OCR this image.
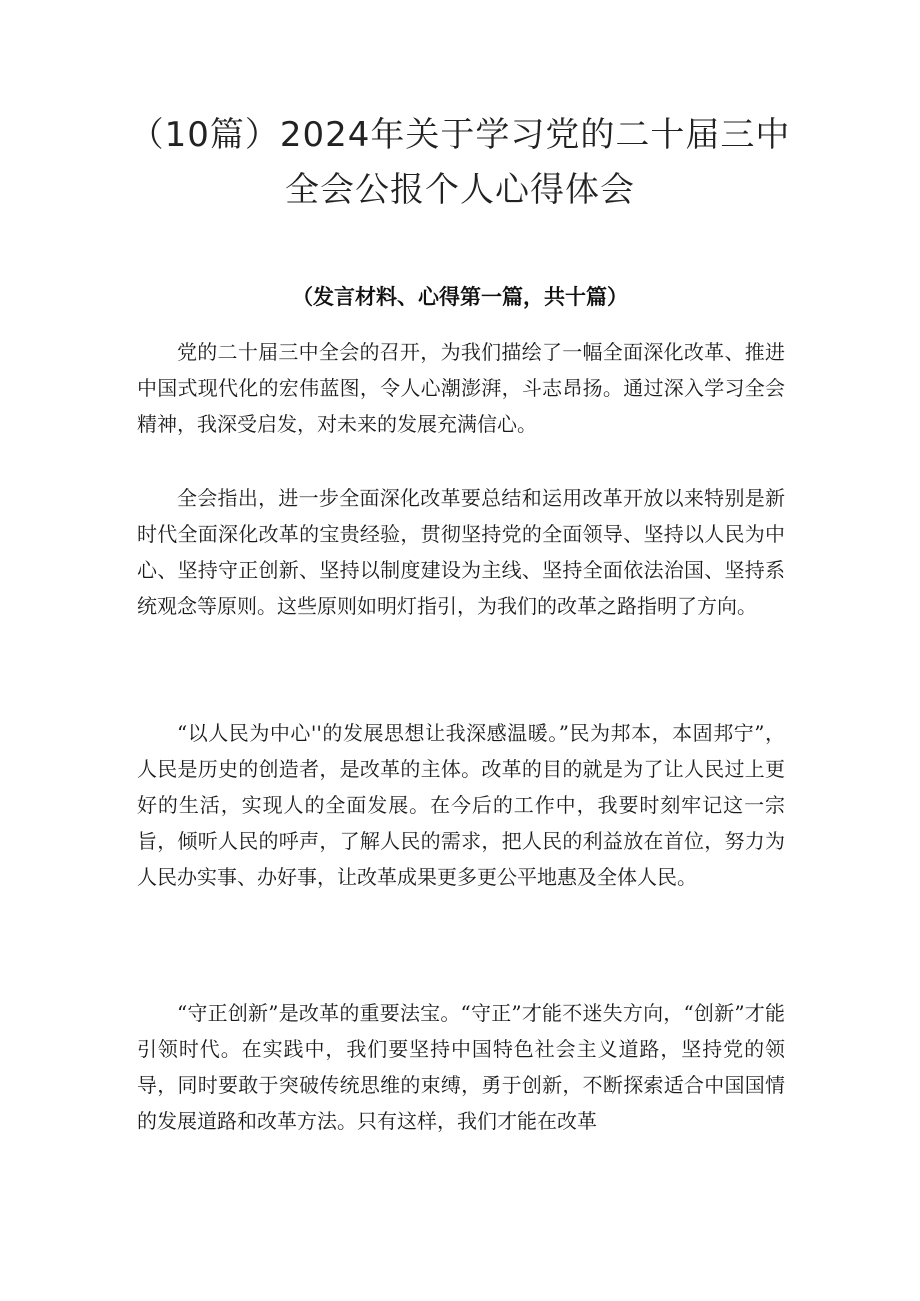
（10篇）2024年关于学习党的二十届三中
全会公报个人心得体会

（发言材料、心得第一篇，共十篇）

党的二十届三中全会的召开，为我们描绘了一幅全面深化改革、推进中国式现代化的宏伟蓝图，令人心潮澎湃，斗志昂扬。通过深入学习全会精神，我深受启发，对未来的发展充满信心。

全会指出，进一步全面深化改革要总结和运用改革开放以来特别是新时代全面深化改革的宝贵经验，贯彻坚持党的全面领导、坚持以人民为中心、坚持守正创新、坚持以制度建设为主线、坚持全面依法治国、坚持系统观念等原则。这些原则如明灯指引，为我们的改革之路指明了方向。

“以人民为中心''的发展思想让我深感温暖。”民为邦本，本固邦宁”，人民是历史的创造者，是改革的主体。改革的目的就是为了让人民过上更好的生活，实现人的全面发展。在今后的工作中，我要时刻牢记这一宗旨，倾听人民的呼声，了解人民的需求，把人民的利益放在首位，努力为人民办实事、办好事，让改革成果更多更公平地惠及全体人民。

“守正创新”是改革的重要法宝。“守正”才能不迷失方向，“创新”才能引领时代。在实践中，我们要坚持中国特色社会主义道路，坚持党的领导，同时要敢于突破传统思维的束缚，勇于创新，不断探索适合中国国情的发展道路和改革方法。只有这样，我们才能在改革
